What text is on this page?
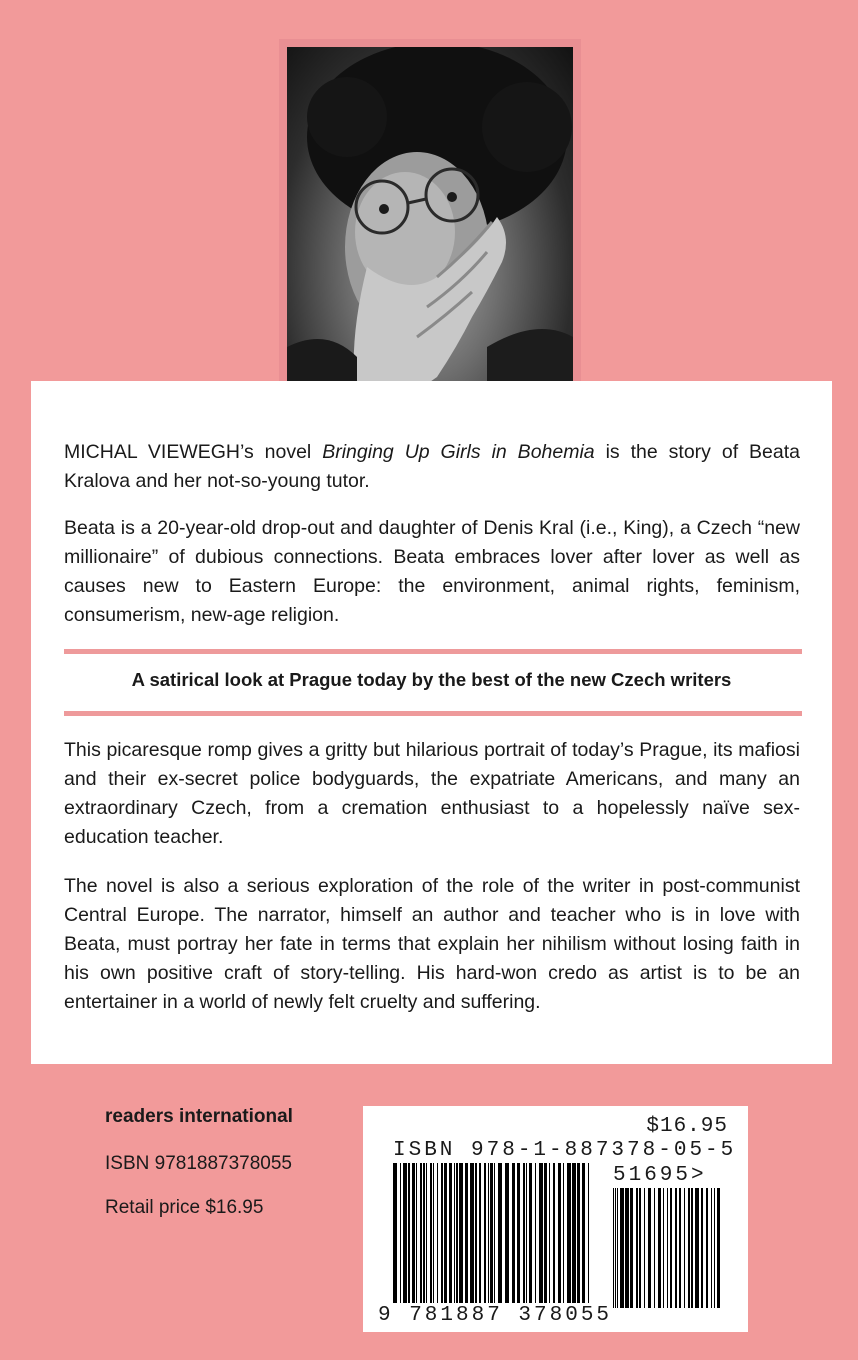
MICHAL VIEWEGH’s novel Bringing Up Girls in Bohemia is the story of Beata Kralova and her not-so-young tutor.

Beata is a 20-year-old drop-out and daughter of Denis Kral (i.e., King), a Czech “new millionaire” of dubious connections. Beata embraces lover after lover as well as causes new to Eastern Europe: the environment, animal rights, feminism, consumerism, new-age religion.

A satirical look at Prague today by the best of the new Czech writers

This picaresque romp gives a gritty but hilarious portrait of today’s Prague, its mafiosi and their ex-secret police bodyguards, the expatriate Americans, and many an extraordinary Czech, from a cremation enthusiast to a hopelessly naïve sex-education teacher.

The novel is also a serious exploration of the role of the writer in post-communist Central Europe. The narrator, himself an author and teacher who is in love with Beata, must portray her fate in terms that explain her nihilism without losing faith in his own positive craft of story-telling. His hard-won credo as artist is to be an entertainer in a world of newly felt cruelty and suffering.

readers international
ISBN 9781887378055
Retail price $16.95
$16.95
ISBN 978-1-887378-05-5
51695>
9 781887 378055
